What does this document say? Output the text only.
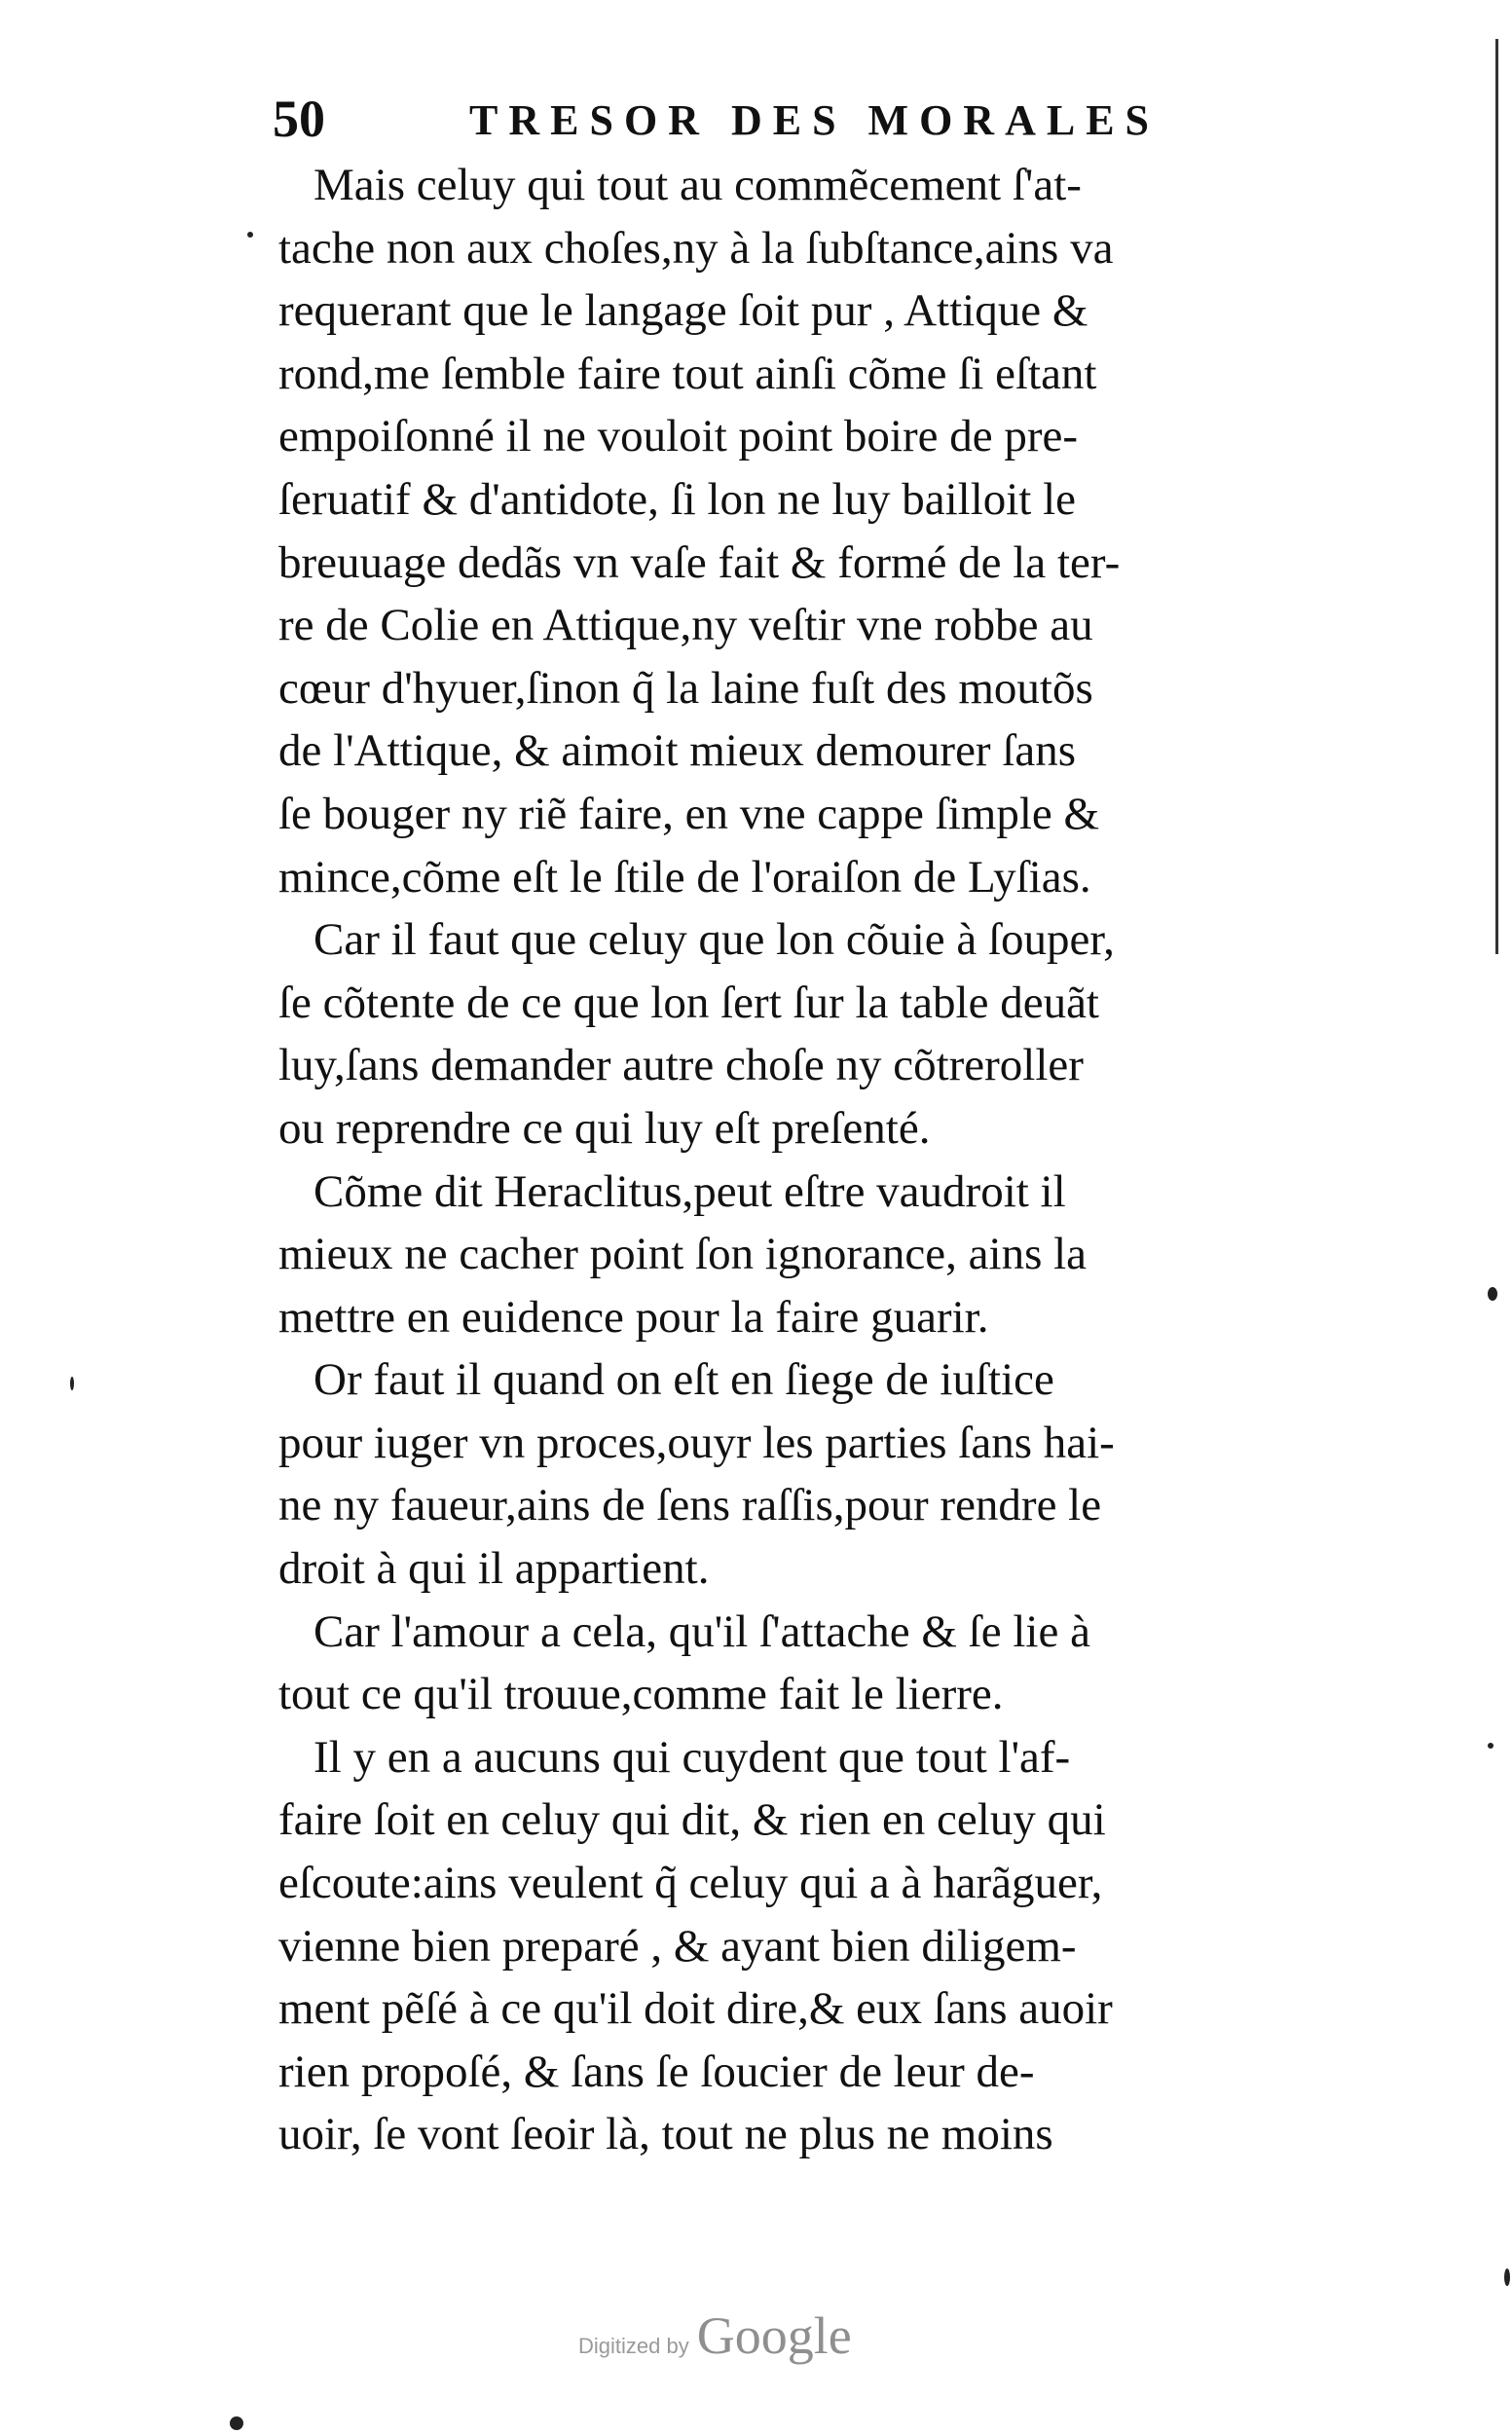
50	TRESOR DES MORALES
Mais celuy qui tout au commẽcement ſ'at-
tache non aux choſes,ny à la ſubſtance,ains va
requerant que le langage ſoit pur , Attique &
rond,me ſemble faire tout ainſi cõme ſi eſtant
empoiſonné il ne vouloit point boire de pre-
ſeruatif & d'antidote, ſi lon ne luy bailloit le
breuuage dedãs vn vaſe fait & formé de la ter-
re de Colie en Attique,ny veſtir vne robbe au
cœur d'hyuer,ſinon q̃ la laine fuſt des moutõs
de l'Attique, & aimoit mieux demourer ſans
ſe bouger ny riẽ faire, en vne cappe ſimple &
mince,cõme eſt le ſtile de l'oraiſon de Lyſias.
Car il faut que celuy que lon cõuie à ſouper,
ſe cõtente de ce que lon ſert ſur la table deuãt
luy,ſans demander autre choſe ny cõtreroller
ou reprendre ce qui luy eſt preſenté.
Cõme dit Heraclitus,peut eſtre vaudroit il
mieux ne cacher point ſon ignorance, ains la
mettre en euidence pour la faire guarir.
Or faut il quand on eſt en ſiege de iuſtice
pour iuger vn proces,ouyr les parties ſans hai-
ne ny faueur,ains de ſens raſſis,pour rendre le
droit à qui il appartient.
Car l'amour a cela, qu'il ſ'attache & ſe lie à
tout ce qu'il trouue,comme fait le lierre.
Il y en a aucuns qui cuydent que tout l'af-
faire ſoit en celuy qui dit, & rien en celuy qui
eſcoute:ains veulent q̃ celuy qui a à harãguer,
vienne bien preparé , & ayant bien diligem-
ment pẽſé à ce qu'il doit dire,& eux ſans auoir
rien propoſé, & ſans ſe ſoucier de leur de-
uoir, ſe vont ſeoir là, tout ne plus ne moins
Digitized by Google
